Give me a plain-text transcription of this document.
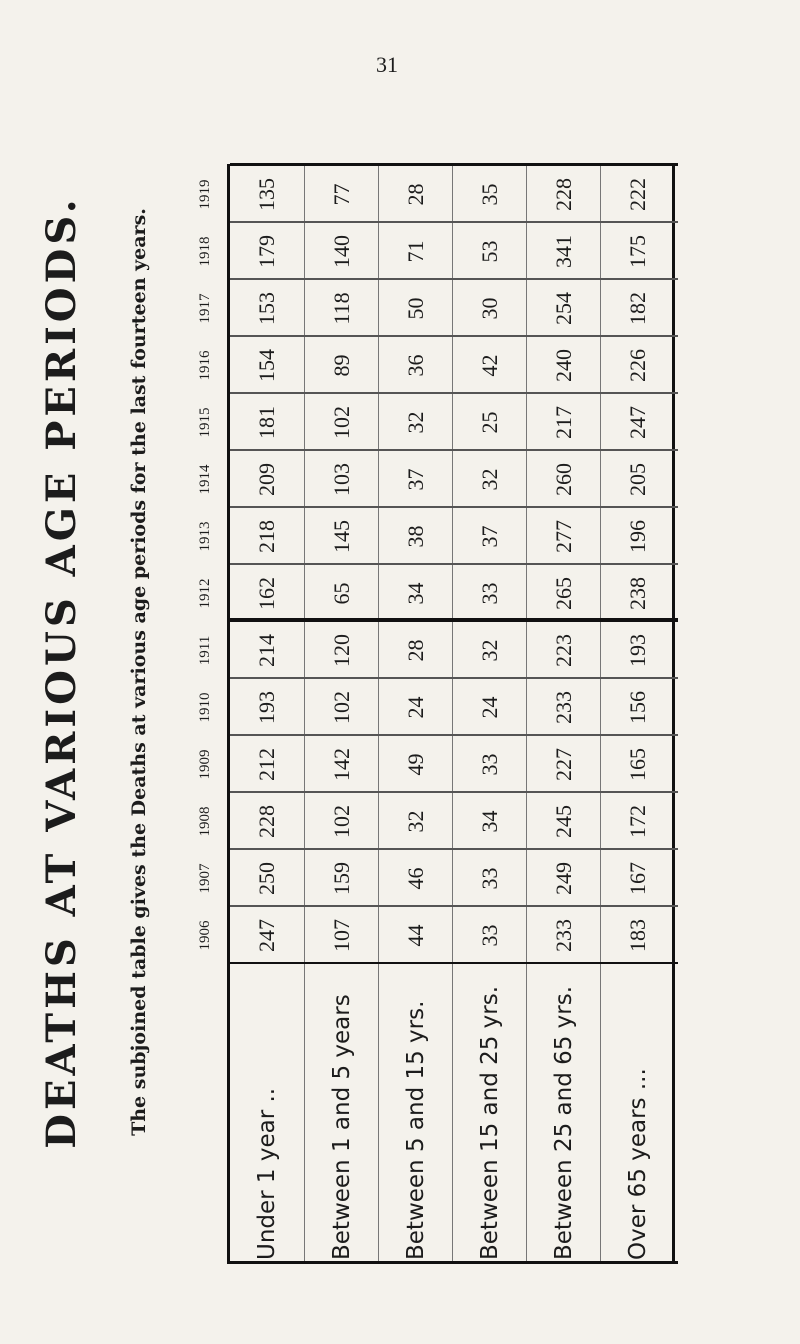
31
DEATHS AT VARIOUS AGE PERIODS. The subjoined table gives the Deaths at various age periods for the last fourteen years.	1906
1907
1908
1909
1910
1911
1912
1913
1914
1915
1916
1917
1918
1919
Under 1 year ..
247
250
228
212
193
214
162
218
209
181
154
153
179
135
Between 1 and 5 years
107
159
102
142
102
120
65
145
103
102
89
118
140
77
Between 5 and 15 yrs.
44
46
32
49
24
28
34
38
37
32
36
50
71
28
Between 15 and 25 yrs.
33
33
34
33
24
32
33
37
32
25
42
30
53
35
Between 25 and 65 yrs.
233
249
245
227
233
223
265
277
260
217
240
254
341
228
Over 65 years ...
183
167
172
165
156
193
238
196
205
247
226
182
175
222
